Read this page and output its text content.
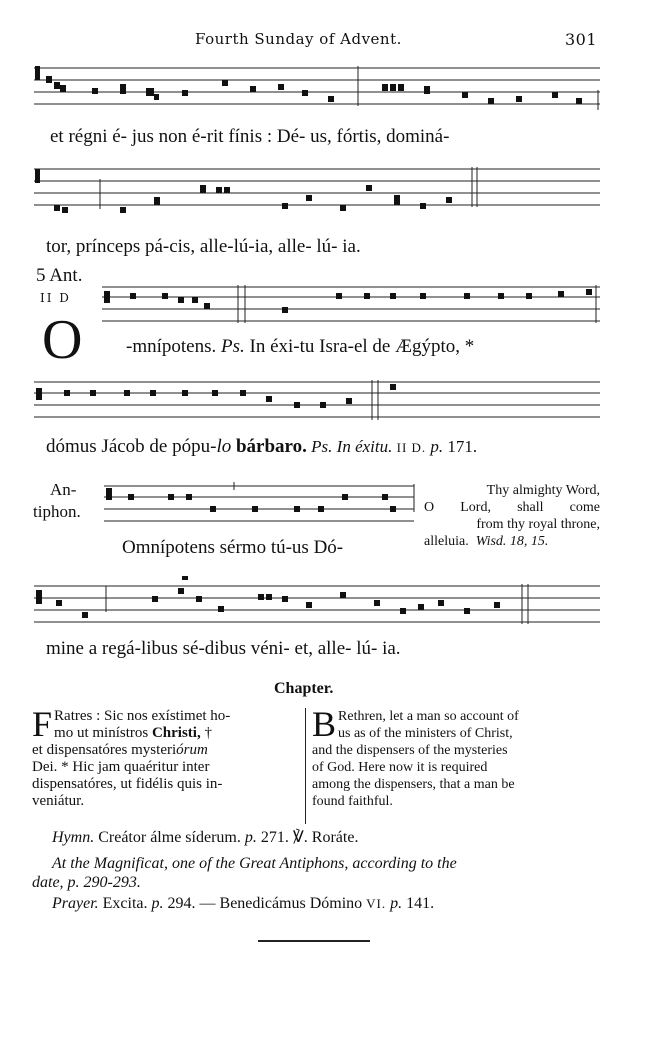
Fourth Sunday of Advent.	301
et régni é- jus non é-rit fínis : Dé- us, fórtis, dominá-
tor, prínceps pá-cis, alle-lú-ia, alle- lú- ia.
5 Ant.
II D
O -mnípotens. Ps. In éxi-tu Isra-el de Ægýpto, *
dómus Jácob de pópu-lo bárbaro. Ps. In éxitu. II D. p. 171.
An-
tiphon.
Omnípotens sérmo tú-us Dó-
Thy almighty Word,
O Lord, shall come
from thy royal throne,
alleluia. Wisd. 18, 15.
mine a regá-libus sé-dibus véni- et, alle- lú- ia.
Chapter.
F Ratres : Sic nos exístimet ho-
mo ut minístros Christi, †
et dispensatóres mysteriórum
Dei. * Hic jam quaéritur inter
dispensatóres, ut fidélis quis in-
veniátur.
B Rethren, let a man so account of
us as of the ministers of Christ,
and the dispensers of the mysteries
of God. Here now it is required
among the dispensers, that a man be
found faithful.
Hymn. Creátor álme síderum. p. 271. ℣. Roráte.
At the Magnificat, one of the Great Antiphons, according to the
date, p. 290-293.
Prayer. Excita. p. 294. — Benedicámus Dómino VI. p. 141.
